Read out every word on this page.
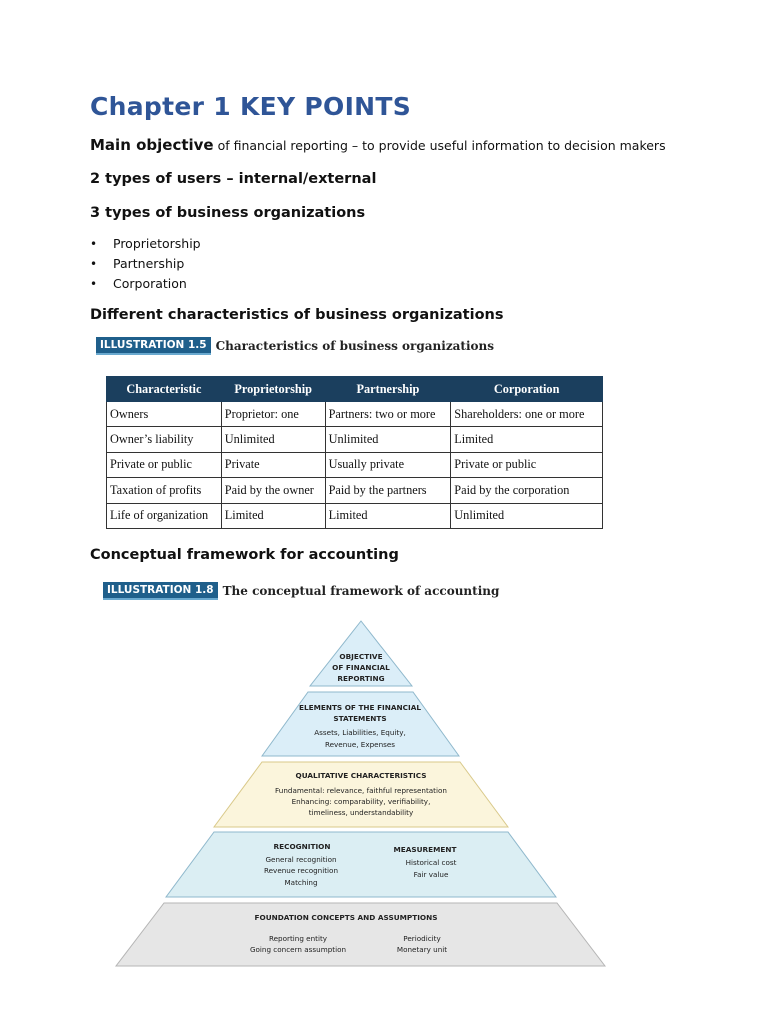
Chapter 1 KEY POINTS

Main objective of financial reporting – to provide useful information to decision makers

2 types of users – internal/external

3 types of business organizations

• Proprietorship
• Partnership
• Corporation

Different characteristics of business organizations

ILLUSTRATION 1.5 Characteristics of business organizations
Characteristic	Proprietorship	Partnership	Corporation
Owners	Proprietor: one	Partners: two or more	Shareholders: one or more
Owner’s liability	Unlimited	Unlimited	Limited
Private or public	Private	Usually private	Private or public
Taxation of profits	Paid by the owner	Paid by the partners	Paid by the corporation
Life of organization	Limited	Limited	Unlimited

Conceptual framework for accounting

ILLUSTRATION 1.8 The conceptual framework of accounting
OBJECTIVE
OF FINANCIAL
REPORTING
ELEMENTS OF THE FINANCIAL
STATEMENTS
Assets, Liabilities, Equity,
Revenue, Expenses
QUALITATIVE CHARACTERISTICS
Fundamental: relevance, faithful representation
Enhancing: comparability, verifiability,
timeliness, understandability
RECOGNITION
General recognition
Revenue recognition
Matching
MEASUREMENT
Historical cost
Fair value
FOUNDATION CONCEPTS AND ASSUMPTIONS
Reporting entity
Going concern assumption
Periodicity
Monetary unit
